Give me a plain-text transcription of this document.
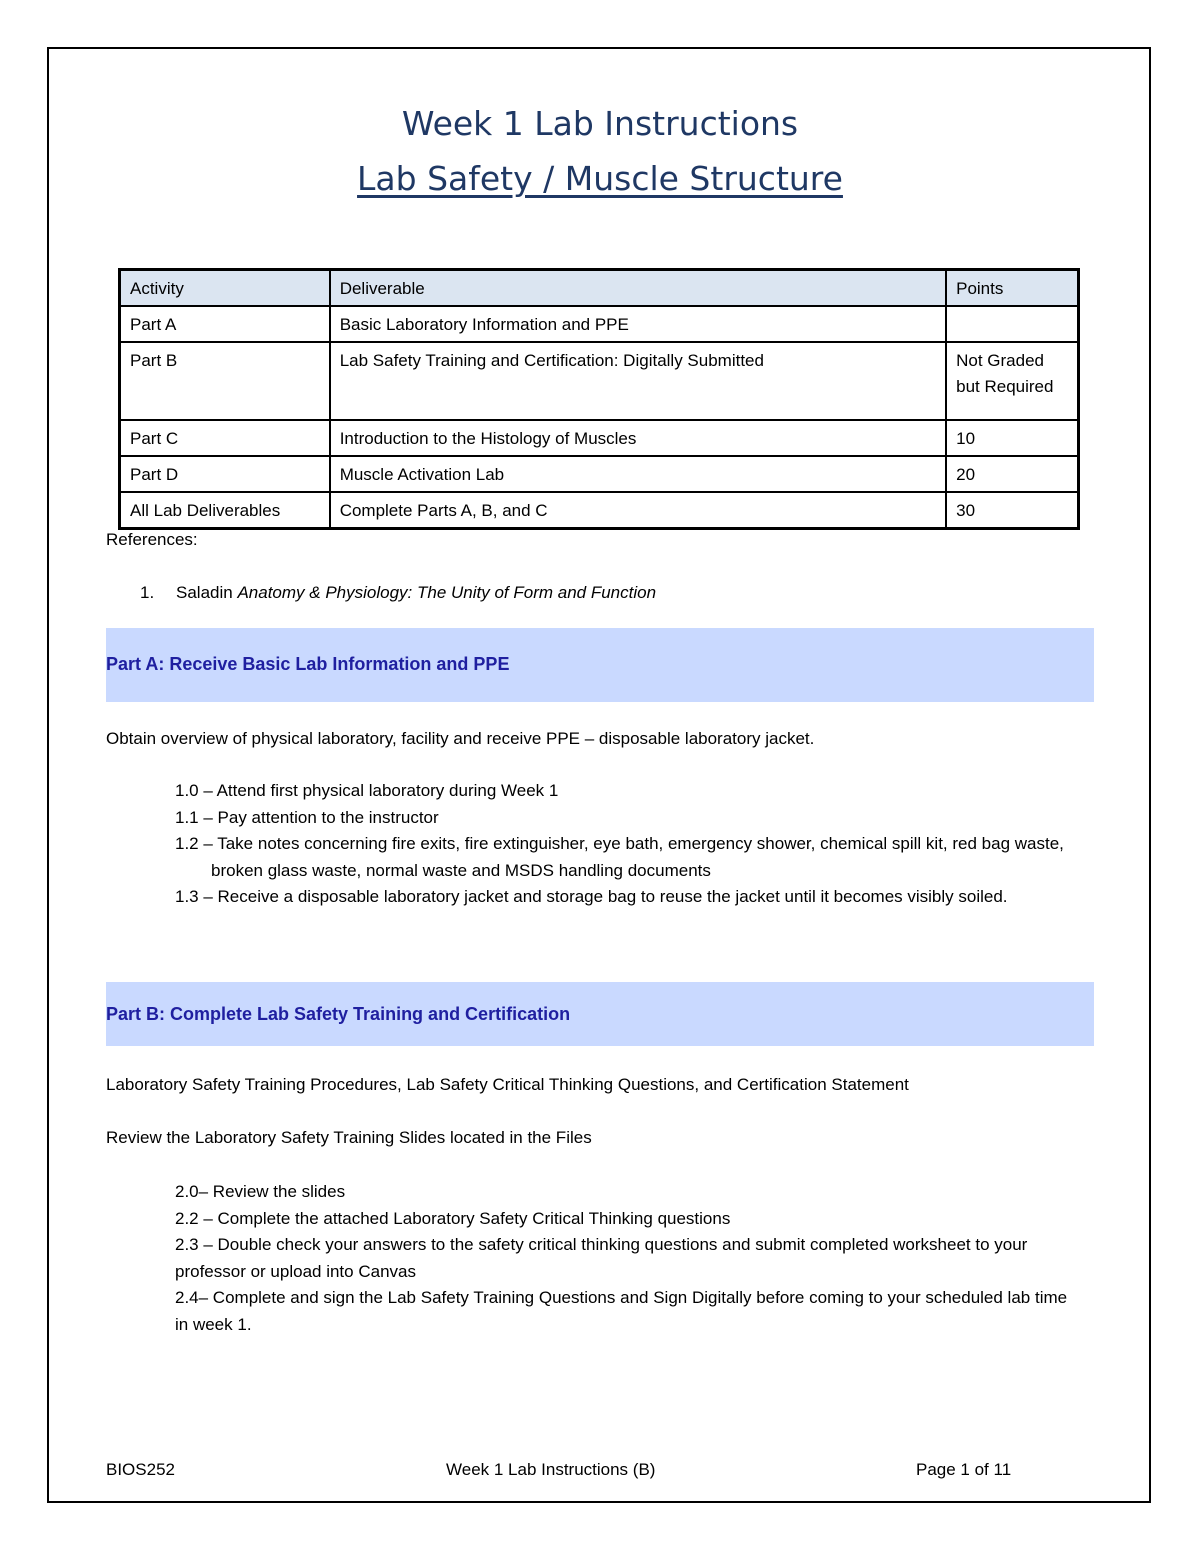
Week 1 Lab Instructions
Lab Safety / Muscle Structure
Activity	Deliverable	Points
Part A	Basic Laboratory Information and PPE	
Part B	Lab Safety Training and Certification: Digitally Submitted	Not Graded but Required
Part C	Introduction to the Histology of Muscles	10
Part D	Muscle Activation Lab	20
All Lab Deliverables	Complete Parts A, B, and C	30
References:
1. Saladin Anatomy & Physiology: The Unity of Form and Function
Part A: Receive Basic Lab Information and PPE
Obtain overview of physical laboratory, facility and receive PPE – disposable laboratory jacket.
1.0 – Attend first physical laboratory during Week 1
1.1 – Pay attention to the instructor
1.2 – Take notes concerning fire exits, fire extinguisher, eye bath, emergency shower, chemical spill kit, red bag waste, broken glass waste, normal waste and MSDS handling documents
1.3 – Receive a disposable laboratory jacket and storage bag to reuse the jacket until it becomes visibly soiled.
Part B: Complete Lab Safety Training and Certification
Laboratory Safety Training Procedures, Lab Safety Critical Thinking Questions, and Certification Statement
Review the Laboratory Safety Training Slides located in the Files
2.0– Review the slides
2.2 – Complete the attached Laboratory Safety Critical Thinking questions
2.3 – Double check your answers to the safety critical thinking questions and submit completed worksheet to your professor or upload into Canvas
2.4– Complete and sign the Lab Safety Training Questions and Sign Digitally before coming to your scheduled lab time in week 1.
BIOS252	Week 1 Lab Instructions (B)	Page 1 of 11
